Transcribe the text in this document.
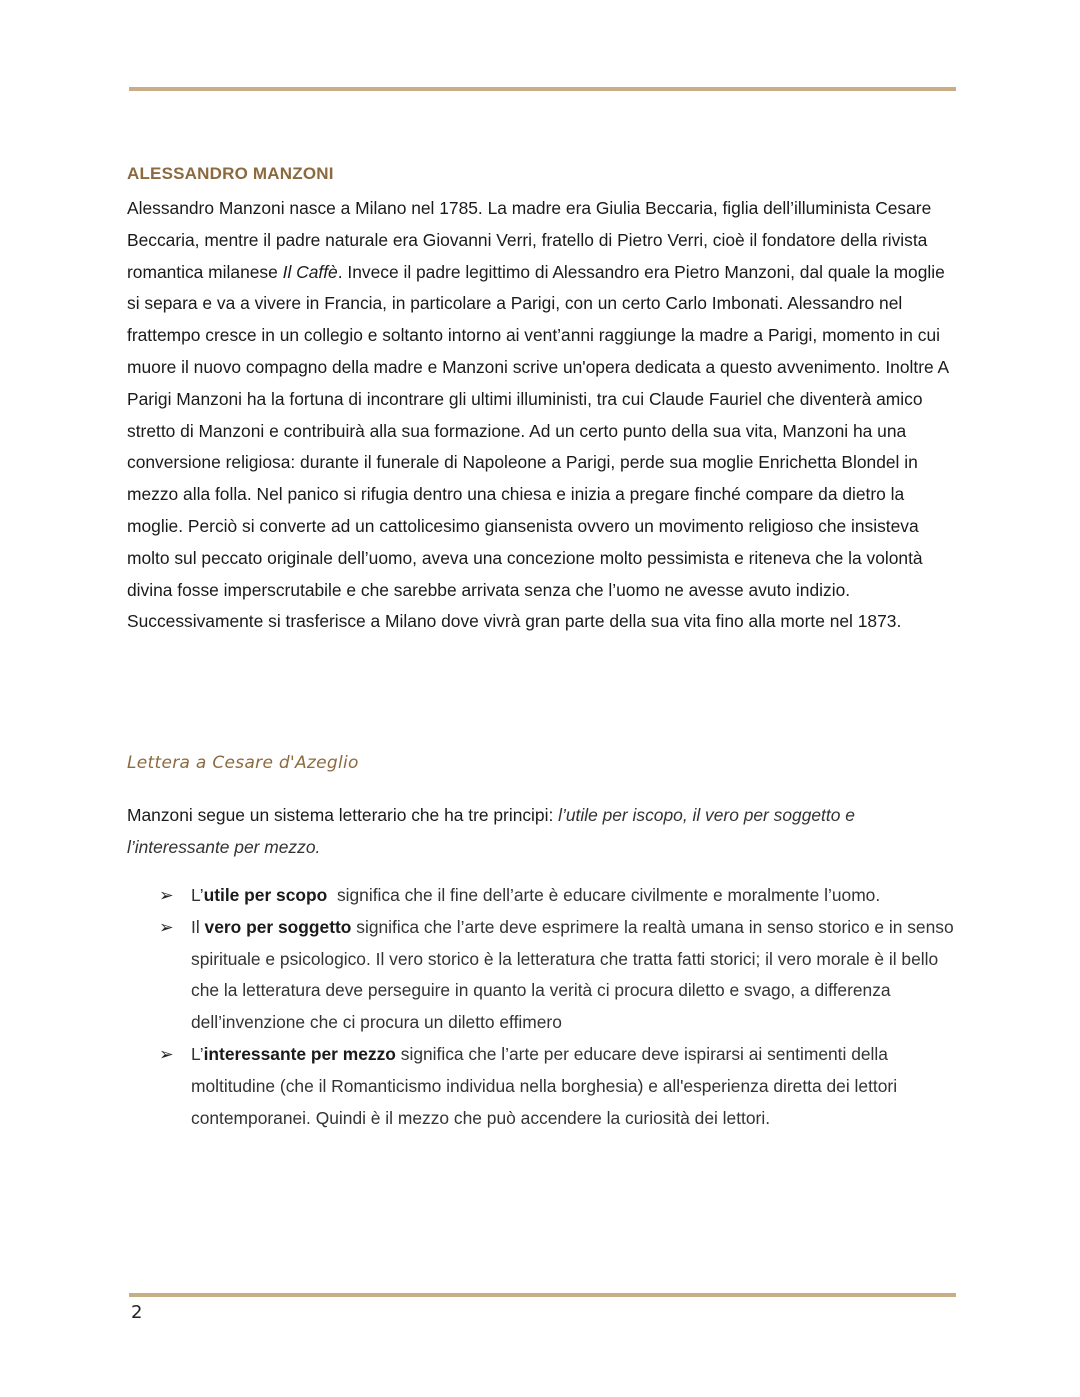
ALESSANDRO MANZONI

Alessandro Manzoni nasce a Milano nel 1785. La madre era Giulia Beccaria, figlia dell’illuminista Cesare Beccaria, mentre il padre naturale era Giovanni Verri, fratello di Pietro Verri, cioè il fondatore della rivista romantica milanese Il Caffè. Invece il padre legittimo di Alessandro era Pietro Manzoni, dal quale la moglie si separa e va a vivere in Francia, in particolare a Parigi, con un certo Carlo Imbonati. Alessandro nel frattempo cresce in un collegio e soltanto intorno ai vent’anni raggiunge la madre a Parigi, momento in cui muore il nuovo compagno della madre e Manzoni scrive un'opera dedicata a questo avvenimento. Inoltre A Parigi Manzoni ha la fortuna di incontrare gli ultimi illuministi, tra cui Claude Fauriel che diventerà amico stretto di Manzoni e contribuirà alla sua formazione. Ad un certo punto della sua vita, Manzoni ha una conversione religiosa: durante il funerale di Napoleone a Parigi, perde sua moglie Enrichetta Blondel in mezzo alla folla. Nel panico si rifugia dentro una chiesa e inizia a pregare finché compare da dietro la moglie. Perciò si converte ad un cattolicesimo giansenista ovvero un movimento religioso che insisteva molto sul peccato originale dell’uomo, aveva una concezione molto pessimista e riteneva che la volontà divina fosse imperscrutabile e che sarebbe arrivata senza che l’uomo ne avesse avuto indizio. Successivamente si trasferisce a Milano dove vivrà gran parte della sua vita fino alla morte nel 1873.

Lettera a Cesare d'Azeglio

Manzoni segue un sistema letterario che ha tre principi: l’utile per iscopo, il vero per soggetto e l’interessante per mezzo.

➢ L’utile per scopo  significa che il fine dell’arte è educare civilmente e moralmente l’uomo.
➢ Il vero per soggetto significa che l’arte deve esprimere la realtà umana in senso storico e in senso spirituale e psicologico. Il vero storico è la letteratura che tratta fatti storici; il vero morale è il bello che la letteratura deve perseguire in quanto la verità ci procura diletto e svago, a differenza dell’invenzione che ci procura un diletto effimero
➢ L’interessante per mezzo significa che l’arte per educare deve ispirarsi ai sentimenti della moltitudine (che il Romanticismo individua nella borghesia) e all'esperienza diretta dei lettori contemporanei. Quindi è il mezzo che può accendere la curiosità dei lettori.
2
